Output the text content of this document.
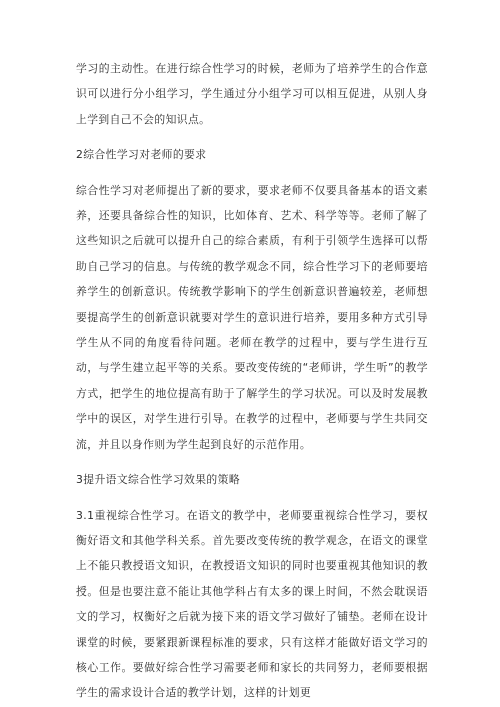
学习的主动性。在进行综合性学习的时候，老师为了培养学生的合作意识可以进行分小组学习，学生通过分小组学习可以相互促进，从别人身上学到自己不会的知识点。

2综合性学习对老师的要求

综合性学习对老师提出了新的要求，要求老师不仅要具备基本的语文素养，还要具备综合性的知识，比如体育、艺术、科学等等。老师了解了这些知识之后就可以提升自己的综合素质，有利于引领学生选择可以帮助自己学习的信息。与传统的教学观念不同，综合性学习下的老师要培养学生的创新意识。传统教学影响下的学生创新意识普遍较差，老师想要提高学生的创新意识就要对学生的意识进行培养，要用多种方式引导学生从不同的角度看待问题。老师在教学的过程中，要与学生进行互动，与学生建立起平等的关系。要改变传统的“老师讲，学生听”的教学方式，把学生的地位提高有助于了解学生的学习状况。可以及时发展教学中的误区，对学生进行引导。在教学的过程中，老师要与学生共同交流，并且以身作则为学生起到良好的示范作用。

3提升语文综合性学习效果的策略

3.1重视综合性学习。在语文的教学中，老师要重视综合性学习，要权衡好语文和其他学科关系。首先要改变传统的教学观念，在语文的课堂上不能只教授语文知识，在教授语文知识的同时也要重视其他知识的教授。但是也要注意不能让其他学科占有太多的课上时间，不然会耽误语文的学习，权衡好之后就为接下来的语文学习做好了铺垫。老师在设计课堂的时候，要紧跟新课程标准的要求，只有这样才能做好语文学习的核心工作。要做好综合性学习需要老师和家长的共同努力，老师要根据学生的需求设计合适的教学计划，这样的计划更
